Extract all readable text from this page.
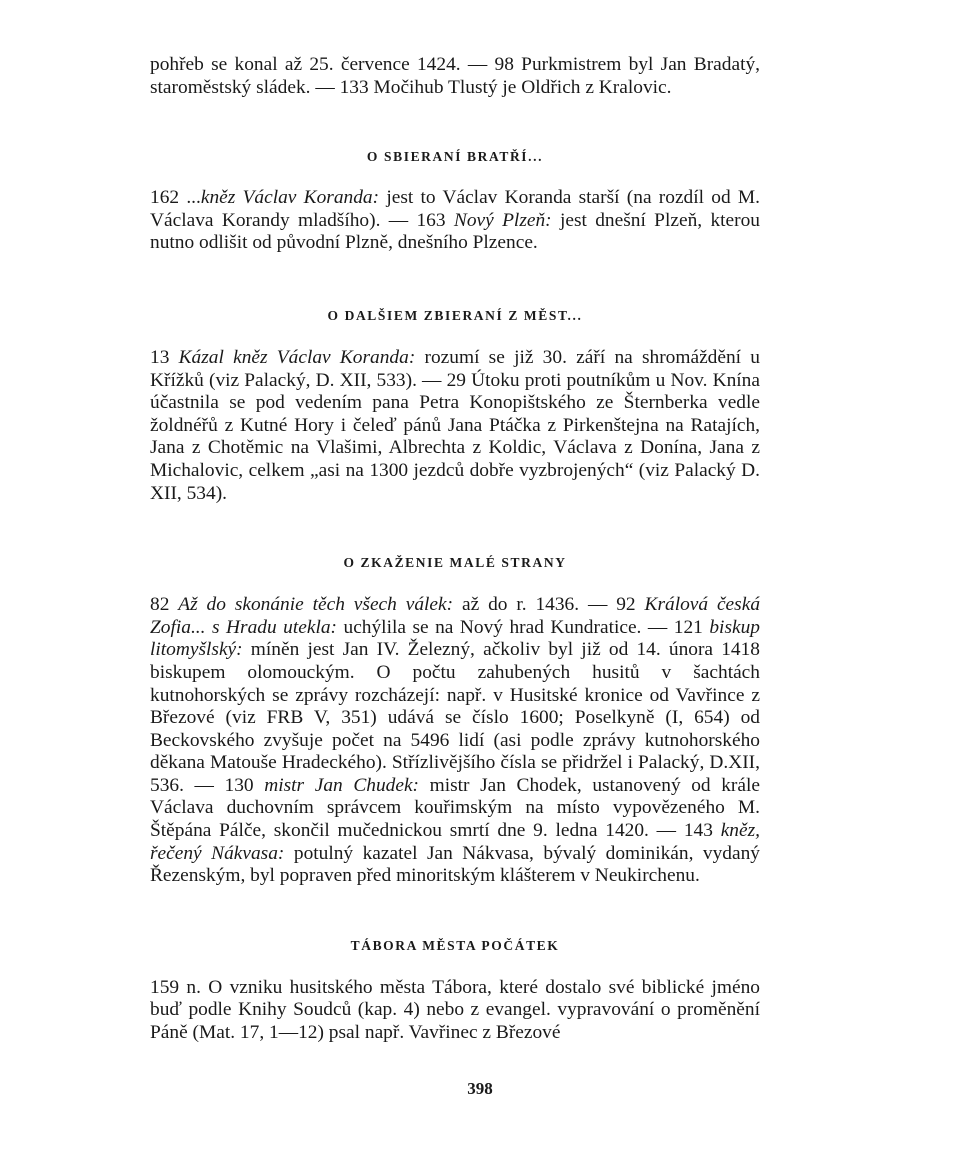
pohřeb se konal až 25. července 1424. — 98 Purkmistrem byl Jan Bradatý, staroměstský sládek. — 133 Močihub Tlustý je Oldřich z Kralovic.

O SBIERANÍ BRATŘÍ...

162 ...kněz Václav Koranda: jest to Václav Koranda starší (na rozdíl od M. Václava Korandy mladšího). — 163 Nový Plzeň: jest dnešní Plzeň, kterou nutno odlišit od původní Plzně, dnešního Plzence.

O DALŠIEM ZBIERANÍ Z MĚST...

13 Kázal kněz Václav Koranda: rozumí se již 30. září na shromáždění u Křížků (viz Palacký, D. XII, 533). — 29 Útoku proti poutníkům u Nov. Knína účastnila se pod vedením pana Petra Konopištského ze Šternberka vedle žoldnéřů z Kutné Hory i čeleď pánů Jana Ptáčka z Pirkenštejna na Ratajích, Jana z Chotěmic na Vlašimi, Albrechta z Koldic, Václava z Donína, Jana z Michalovic, celkem „asi na 1300 jezdců dobře vyzbrojených“ (viz Palacký D. XII, 534).

O ZKAŽENIE MALÉ STRANY

82 Až do skonánie těch všech válek: až do r. 1436. — 92 Králová česká Zofia... s Hradu utekla: uchýlila se na Nový hrad Kundratice. — 121 biskup litomyšlský: míněn jest Jan IV. Železný, ačkoliv byl již od 14. února 1418 biskupem olomouckým. O počtu zahubených husitů v šachtách kutnohorských se zprávy rozcházejí: např. v Husitské kronice od Vavřince z Březové (viz FRB V, 351) udává se číslo 1600; Poselkyně (I, 654) od Beckovského zvyšuje počet na 5496 lidí (asi podle zprávy kutnohorského děkana Matouše Hradeckého). Střízlivějšího čísla se přidržel i Palacký, D.XII, 536. — 130 mistr Jan Chudek: mistr Jan Chodek, ustanovený od krále Václava duchovním správcem kouřimským na místo vypovězeného M. Štěpána Pálče, skončil mučednickou smrtí dne 9. ledna 1420. — 143 kněz, řečený Nákvasa: potulný kazatel Jan Nákvasa, bývalý dominikán, vydaný Řezenským, byl popraven před minoritským klášterem v Neukirchenu.

TÁBORA MĚSTA POČÁTEK

159 n. O vzniku husitského města Tábora, které dostalo své biblické jméno buď podle Knihy Soudců (kap. 4) nebo z evangel. vypravování o proměnění Páně (Mat. 17, 1—12) psal např. Vavřinec z Březové

398
